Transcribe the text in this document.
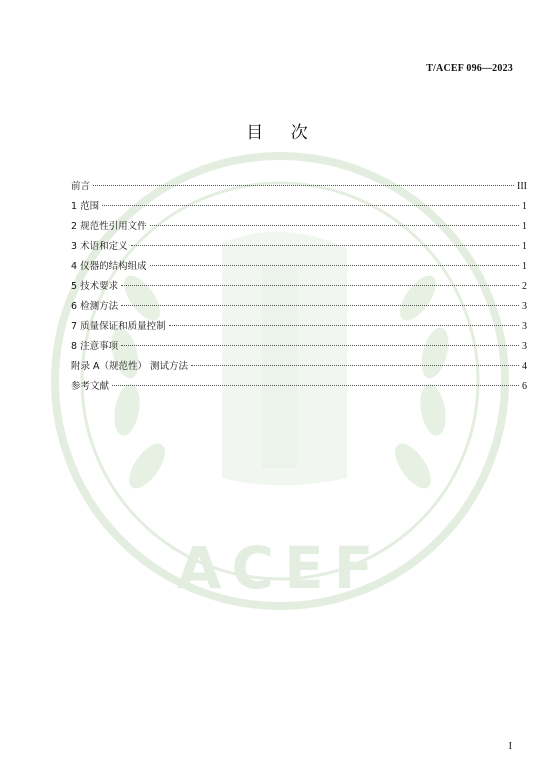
ACEF
T/ACEF 096—2023
目 次
前言	III
1 范围	1
2 规范性引用文件	1
3 术语和定义	1
4 仪器的结构组成	1
5 技术要求	2
6 检测方法	3
7 质量保证和质量控制	3
8 注意事项	3
附录 A（规范性） 测试方法	4
参考文献	6
I
